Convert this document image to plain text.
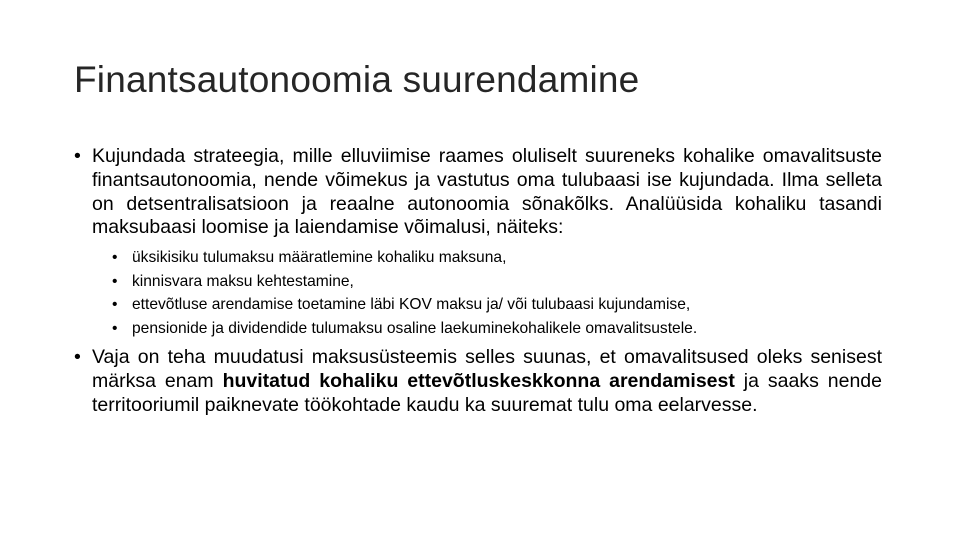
Finantsautonoomia suurendamine
• Kujundada strateegia, mille elluviimise raames oluliselt suureneks kohalike omavalitsuste finantsautonoomia, nende võimekus ja vastutus oma tulubaasi ise kujundada. Ilma selleta on detsentralisatsioon ja reaalne autonoomia sõnakõlks. Analüüsida kohaliku tasandi maksubaasi loomise ja laiendamise võimalusi, näiteks:
• üksikisiku tulumaksu määratlemine kohaliku maksuna,
• kinnisvara maksu kehtestamine,
• ettevõtluse arendamise toetamine läbi KOV maksu ja/ või tulubaasi kujundamise,
• pensionide ja dividendide tulumaksu osaline laekuminekohalikele omavalitsustele.
• Vaja on teha muudatusi maksusüsteemis selles suunas, et omavalitsused oleks senisest märksa enam huvitatud kohaliku ettevõtluskeskkonna arendamisest ja saaks nende territooriumil paiknevate töökohtade kaudu ka suuremat tulu oma eelarvesse.
